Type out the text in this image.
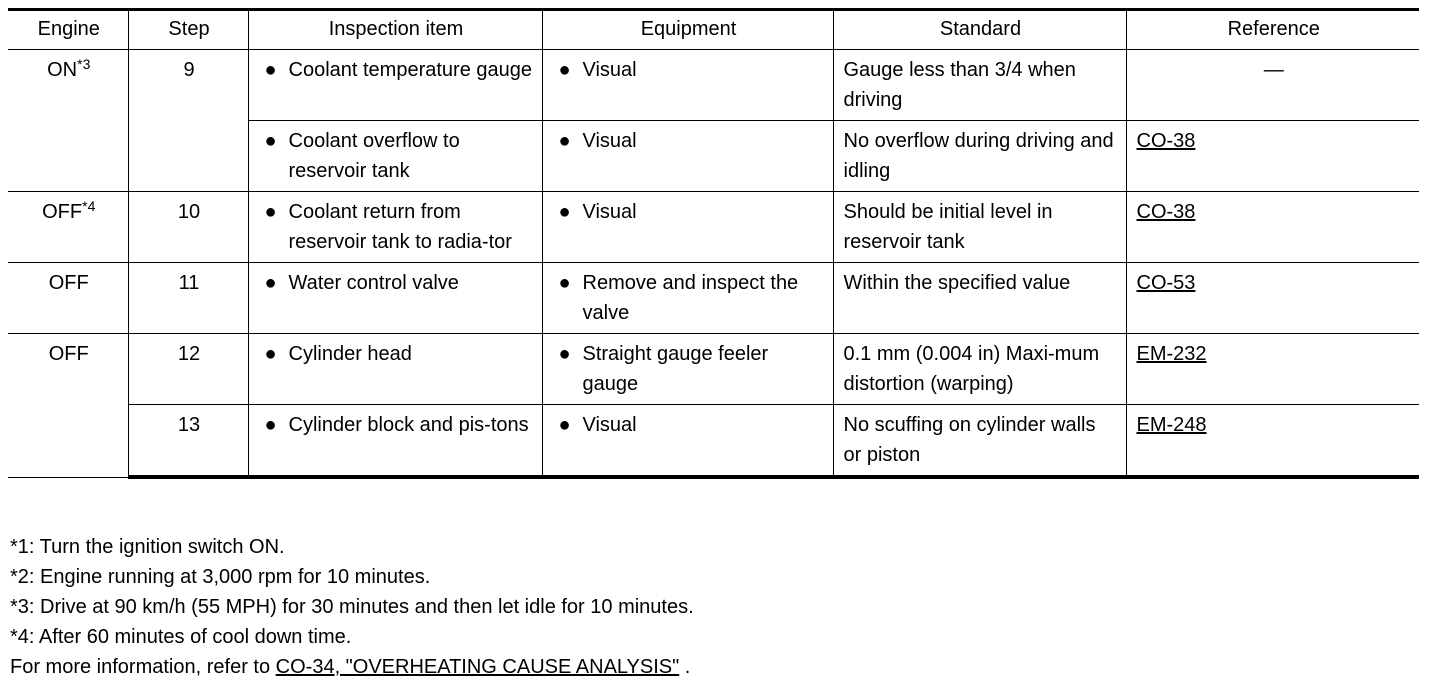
Engine	Step	Inspection item	Equipment	Standard	Reference
ON$^{*3}$	9	● Coolant temperature gauge	● Visual	Gauge less than 3/4 when driving	—

		● Coolant overflow to reservoir tank	● Visual	No overflow during driving and idling	CO-38
OFF$^{*4}$	10	● Coolant return from reservoir tank to radia-tor	● Visual	Should be initial level in reservoir tank	CO-38
OFF	11	● Water control valve	● Remove and inspect the valve	Within the specified value	CO-53
OFF	12	● Cylinder head	● Straight gauge feeler gauge	0.1 mm (0.004 in) Maxi-mum distortion (warping)	EM-232
	13	● Cylinder block and pis-tons	● Visual	No scuffing on cylinder walls or piston	EM-248
*1: Turn the ignition switch ON.
*2: Engine running at 3,000 rpm for 10 minutes.
*3: Drive at 90 km/h (55 MPH) for 30 minutes and then let idle for 10 minutes.
*4: After 60 minutes of cool down time.
For more information, refer to CO-34, "OVERHEATING CAUSE ANALYSIS" .
